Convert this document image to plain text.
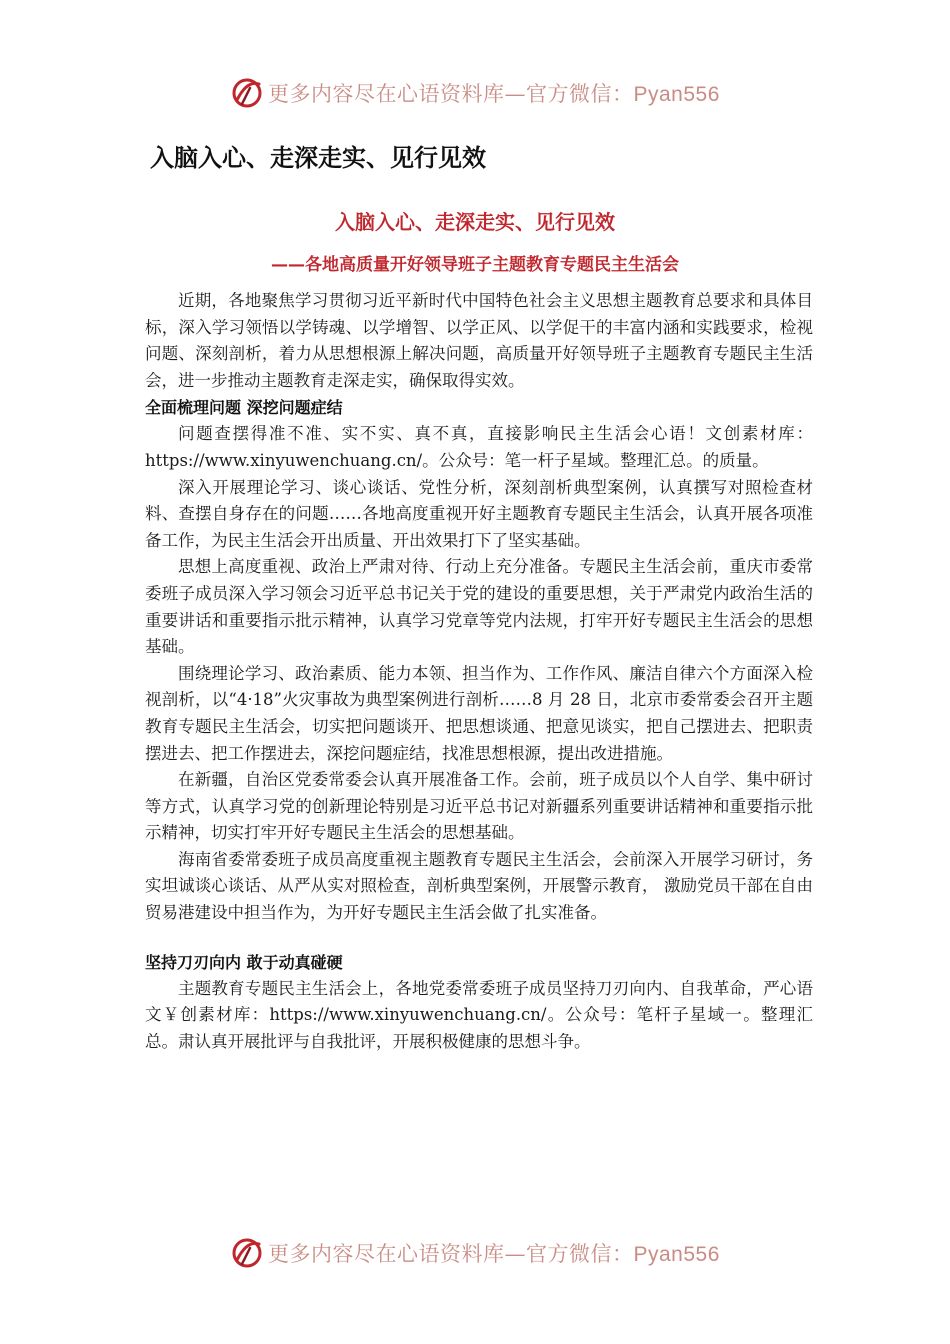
更多内容尽在心语资料库—官方微信：Pyan556
入脑入心、走深走实、见行见效
入脑入心、走深走实、见行见效
——各地高质量开好领导班子主题教育专题民主生活会

近期，各地聚焦学习贯彻习近平新时代中国特色社会主义思想主题教育总要求和具体目标，深入学习领悟以学铸魂、以学增智、以学正风、以学促干的丰富内涵和实践要求，检视问题、深刻剖析，着力从思想根源上解决问题，高质量开好领导班子主题教育专题民主生活会，进一步推动主题教育走深走实，确保取得实效。

全面梳理问题 深挖问题症结

问题查摆得准不准、实不实、真不真，直接影响民主生活会心语！文创素材库：https://www.xinyuwenchuang.cn/。公众号：笔一杆子星域。整理汇总。的质量。

深入开展理论学习、谈心谈话、党性分析，深刻剖析典型案例，认真撰写对照检查材料、查摆自身存在的问题……各地高度重视开好主题教育专题民主生活会，认真开展各项准备工作，为民主生活会开出质量、开出效果打下了坚实基础。

思想上高度重视、政治上严肃对待、行动上充分准备。专题民主生活会前，重庆市委常委班子成员深入学习领会习近平总书记关于党的建设的重要思想，关于严肃党内政治生活的重要讲话和重要指示批示精神，认真学习党章等党内法规，打牢开好专题民主生活会的思想基础。

围绕理论学习、政治素质、能力本领、担当作为、工作作风、廉洁自律六个方面深入检视剖析，以“4·18”火灾事故为典型案例进行剖析……8 月 28 日，北京市委常委会召开主题教育专题民主生活会，切实把问题谈开、把思想谈通、把意见谈实，把自己摆进去、把职责摆进去、把工作摆进去，深挖问题症结，找准思想根源，提出改进措施。

在新疆，自治区党委常委会认真开展准备工作。会前，班子成员以个人自学、集中研讨等方式，认真学习党的创新理论特别是习近平总书记对新疆系列重要讲话精神和重要指示批示精神，切实打牢开好专题民主生活会的思想基础。

海南省委常委班子成员高度重视主题教育专题民主生活会，会前深入开展学习研讨，务实坦诚谈心谈话、从严从实对照检查，剖析典型案例，开展警示教育， 激励党员干部在自由贸易港建设中担当作为，为开好专题民主生活会做了扎实准备。

坚持刀刃向内 敢于动真碰硬

主题教育专题民主生活会上，各地党委常委班子成员坚持刀刃向内、自我革命，严心语文￥创素材库：https://www.xinyuwenchuang.cn/。公众号：笔杆子星域一。整理汇总。肃认真开展批评与自我批评，开展积极健康的思想斗争。

更多内容尽在心语资料库—官方微信：Pyan556
